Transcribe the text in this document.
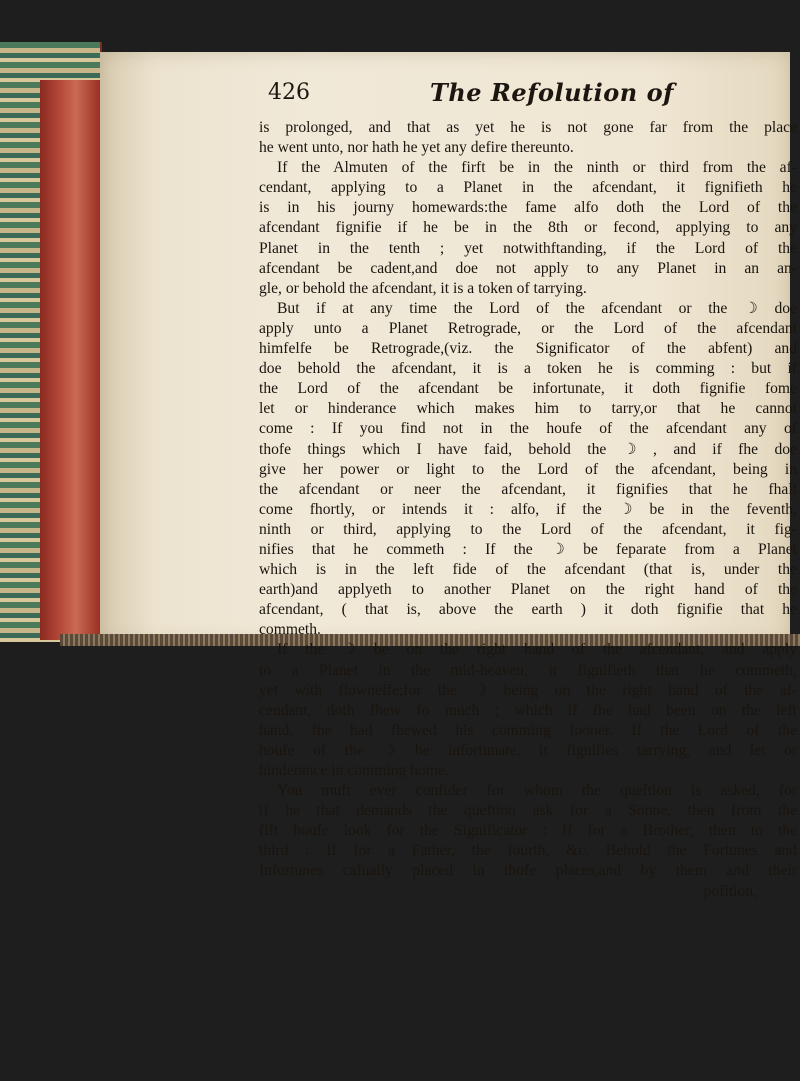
426	The Refolution of
is prolonged, and that as yet he is not gone far from the place
he went unto, nor hath he yet any defire thereunto.
If the Almuten of the firft be in the ninth or third from the af-
cendant, applying to a Planet in the afcendant, it fignifieth he
is in his journy homewards:the fame alfo doth the Lord of the
afcendant fignifie if he be in the 8th or fecond, applying to any
Planet in the tenth ; yet notwithftanding, if the Lord of the
afcendant be cadent,and doe not apply to any Planet in an an-
gle, or behold the afcendant, it is a token of tarrying.
But if at any time the Lord of the afcendant or the ☽ doe
apply unto a Planet Retrograde, or the Lord of the afcendant
himfelfe be Retrograde,(viz. the Significator of the abfent) and
doe behold the afcendant, it is a token he is comming : but if
the Lord of the afcendant be infortunate, it doth fignifie fome
let or hinderance which makes him to tarry,or that he cannot
come : If you find not in the houfe of the afcendant any of
thofe things which I have faid, behold the ☽ , and if fhe doe
give her power or light to the Lord of the afcendant, being in
the afcendant or neer the afcendant, it fignifies that he fhall
come fhortly, or intends it : alfo, if the ☽ be in the feventh,
ninth or third, applying to the Lord of the afcendant, it fig-
nifies that he commeth : If the ☽ be feparate from a Planet
which is in the left fide of the afcendant (that is, under the
earth)and applyeth to another Planet on the right hand of the
afcendant, ( that is, above the earth ) it doth fignifie that he
commeth.
If the ☽ be on the right hand of the afcendant, and apply
to a Planet in the mid-heaven, it fignifieth that he commeth,
yet with flowneffe;for the ☽ being on the right hand of the af-
cendant, doth fhew fo much ; which if fhe had been on the left
hand, fhe had fhewed his comming fooner. If the Lord of the
houfe of the ☽ be infortunate, it fignifies tarrying, and let or
hinderance in comming home.
You muft ever confider for whom the queftion is asked, for
if he that demands the queftion ask for a Sonne, then from the
fift houfe look for the Significator : If for a Brother, then to the
third : If for a Father, the fourth, &c. Behold the Fortunes and
Infortunes cafually placed in thofe places,and by them and their
pofition,
